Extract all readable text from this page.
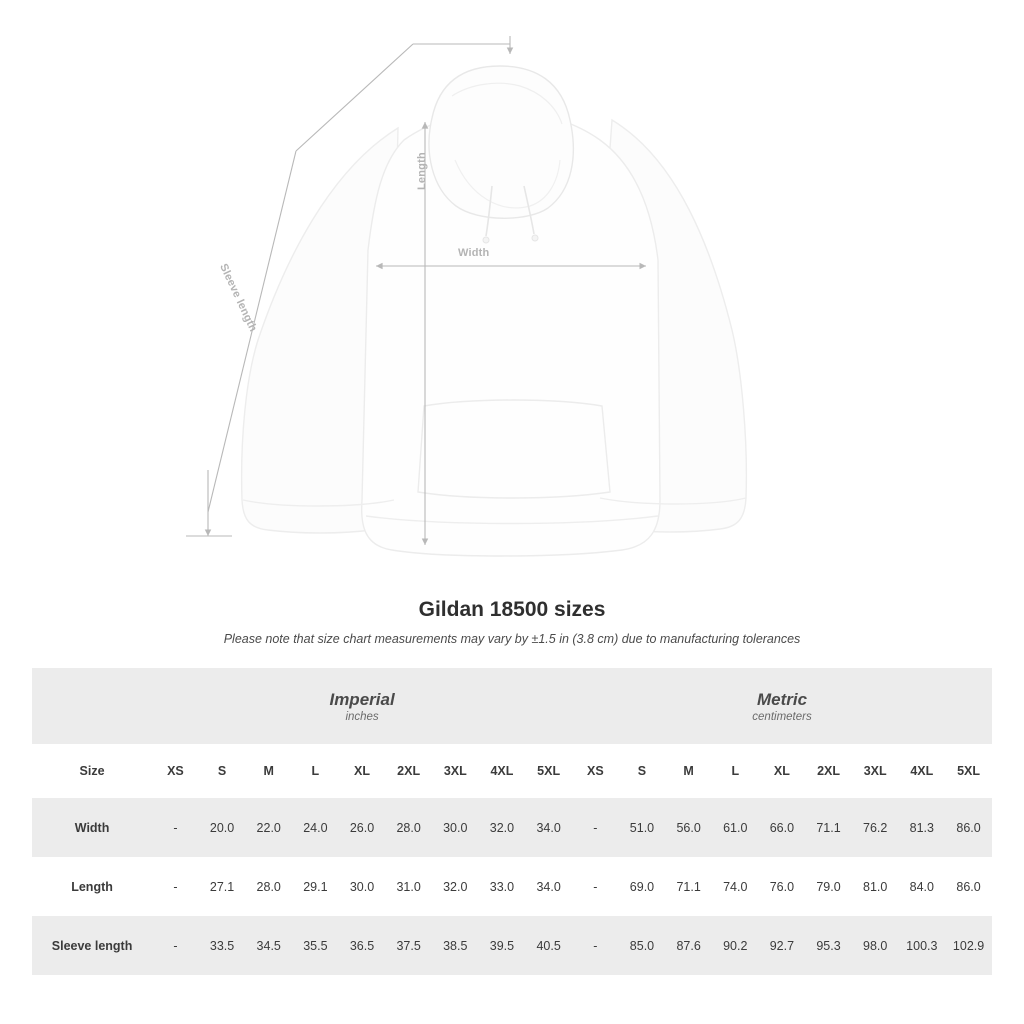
Width
Length
Sleeve length
Gildan 18500 sizes

Please note that size chart measurements may vary by ±1.5 in (3.8 cm) due to manufacturing tolerances

	Imperial
inches									Metric
centimeters								

Size	XS	S	M	L	XL	2XL	3XL	4XL	5XL	XS	S	M	L	XL	2XL	3XL	4XL	5XL
Width	-	20.0	22.0	24.0	26.0	28.0	30.0	32.0	34.0	-	51.0	56.0	61.0	66.0	71.1	76.2	81.3	86.0
Length	-	27.1	28.0	29.1	30.0	31.0	32.0	33.0	34.0	-	69.0	71.1	74.0	76.0	79.0	81.0	84.0	86.0
Sleeve length	-	33.5	34.5	35.5	36.5	37.5	38.5	39.5	40.5	-	85.0	87.6	90.2	92.7	95.3	98.0	100.3	102.9
